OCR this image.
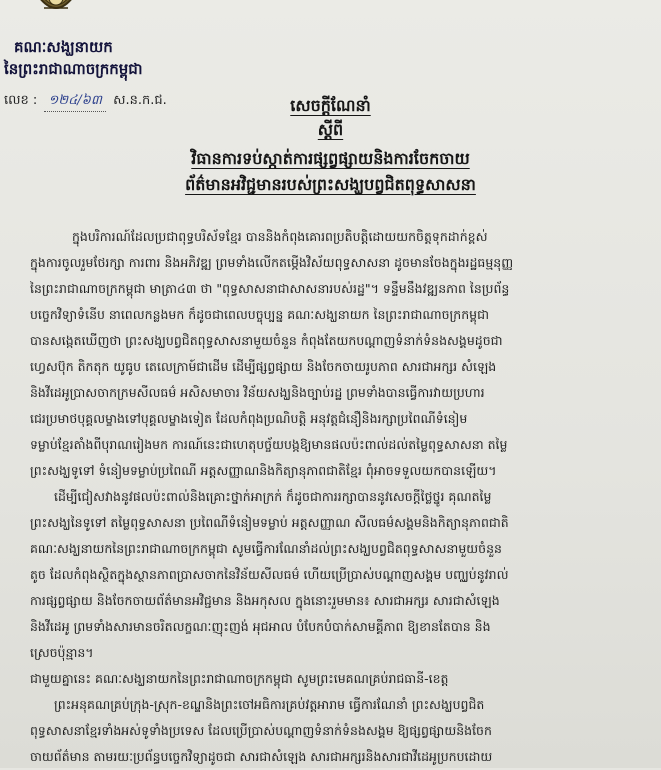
គណៈសង្ឃនាយក
នៃព្រះរាជាណាចក្រកម្ពុជា
លេខ : ១២៤/៦៣ ស.ន.ក.ជ.	សេចក្តីណែនាំ
ស្តីពី
វិធានការទប់ស្កាត់ការផ្សព្វផ្សាយនិងការចែកចាយ
ព័ត៌មានអវិជ្ជមានរបស់ព្រះសង្ឃបព្វជិតពុទ្ធសាសនា
ក្នុងបរិការណ៍ដែលប្រជាពុទ្ធបរិស័ទខ្មែរ បាននិងកំពុងគោរពប្រតិបត្តិដោយយកចិត្តទុកដាក់ខ្ពស់
ក្នុងការចូលរួមថែរក្សា ការពារ និងអភិវឌ្ឍ ព្រមទាំងលើកតម្កើងវិស័យពុទ្ធសាសនា ដូចមានចែងក្នុងរដ្ឋធម្មនុញ្ញ
នៃព្រះរាជាណាចក្រកម្ពុជា មាត្រា៤៣ ថា "ពុទ្ធសាសនាជាសាសនារបស់រដ្ឋ"។ ទន្ទឹមនឹងវឌ្ឍនភាព នៃប្រព័ន្ធ
បច្ចេកវិទ្យាទំនើប នាពេលកន្លងមក ក៏ដូចជាពេលបច្ចុប្បន្ន គណៈសង្ឃនាយក នៃព្រះរាជាណាចក្រកម្ពុជា
បានសង្កេតឃើញថា ព្រះសង្ឃបព្វជិតពុទ្ធសាសនាមួយចំនួន កំពុងតែយកបណ្តាញទំនាក់ទំនងសង្គមដូចជា
ហ្វេសប៊ុក តិកតុក យូធូប តេលេក្រាម៍ជាដើម ដើម្បីផ្សព្វផ្សាយ និងចែកចាយរូបភាព សារជាអក្សរ សំឡេង
និងវីដេអូប្រាសចាកក្រមសីលធម៌ អសិសមាចារ វិន័យសង្ឃនិងច្បាប់រដ្ឋ ព្រមទាំងបានធ្វើការវាយប្រហារ
ជេរប្រមាថបុគ្គលម្ខាងទៅបុគ្គលម្ខាងទៀត ដែលកំពុងប្រណិបត្តិ អនុវត្តជំនឿនិងរក្សាប្រពៃណីទំនៀម
ទម្លាប់ខ្មែរតាំងពីបុរាណរៀងមក ការណ៍នេះជាហេតុបច្ច័យបង្កឱ្យមានផលប៉ះពាល់ដល់តម្លៃពុទ្ធសាសនា តម្លៃ
ព្រះសង្ឃទូទៅ ទំនៀមទម្លាប់ប្រពៃណី អត្តសញ្ញាណនិងកិត្យានុភាពជាតិខ្មែរ ពុំអាចទទួលយកបានឡើយ។
ដើម្បីជៀសវាងនូវផលប៉ះពាល់និងគ្រោះថ្នាក់អាក្រក់ ក៏ដូចជាការរក្សាបាននូវសេចក្តីថ្លៃថ្នូរ គុណតម្លៃ
ព្រះសង្ឃនៃទូទៅ តម្លៃពុទ្ធសាសនា ប្រពៃណីទំនៀមទម្លាប់ អត្តសញ្ញាណ សីលធម៌សង្គមនិងកិត្យានុភាពជាតិ
គណៈសង្ឃនាយកនៃព្រះរាជាណាចក្រកម្ពុជា សូមធ្វើការណែនាំដល់ព្រះសង្ឃបព្វជិតពុទ្ធសាសនាមួយចំនួន
តូច ដែលកំពុងស្ថិតក្នុងស្ថានភាពប្រាសចាកនៃវិន័យសីលធម៌ ហើយប្រើប្រាស់បណ្តាញសង្គម បញ្ឈប់នូវរាល់
ការផ្សព្វផ្សាយ និងចែកចាយព័ត៌មានអវិជ្ជមាន និងអកុសល ក្នុងនោះរួមមាន៖ សារជាអក្សរ សារជាសំឡេង
និងវីដេអូ ព្រមទាំងសារមានចរិតលក្ខណៈញុះញង់ អុជអាល បំបែកបំបាក់សាមគ្គីភាព ឱ្យខានតែបាន និង
ស្រេចប៉ុន្មាន។
ជាមួយគ្នានេះ គណៈសង្ឃនាយកនៃព្រះរាជាណាចក្រកម្ពុជា សូមព្រះមេគណគ្រប់រាជធានី-ខេត្ត
ព្រះអនុគណគ្រប់ក្រុង-ស្រុក-ខណ្ឌនិងព្រះចៅអធិការគ្រប់វត្តអារាម ធ្វើការណែនាំ ព្រះសង្ឃបព្វជិត
ពុទ្ធសាសនាខ្មែរទាំងអស់ទូទាំងប្រទេស ដែលប្រើប្រាស់បណ្តាញទំនាក់ទំនងសង្គម ឱ្យផ្សព្វផ្សាយនិងចែក
ចាយព័ត៌មាន តាមរយៈប្រព័ន្ធបច្ចេកវិទ្យាដូចជា សារជាសំឡេង សារជាអក្សរនិងសារជាវីដេអូប្រកបដោយ
